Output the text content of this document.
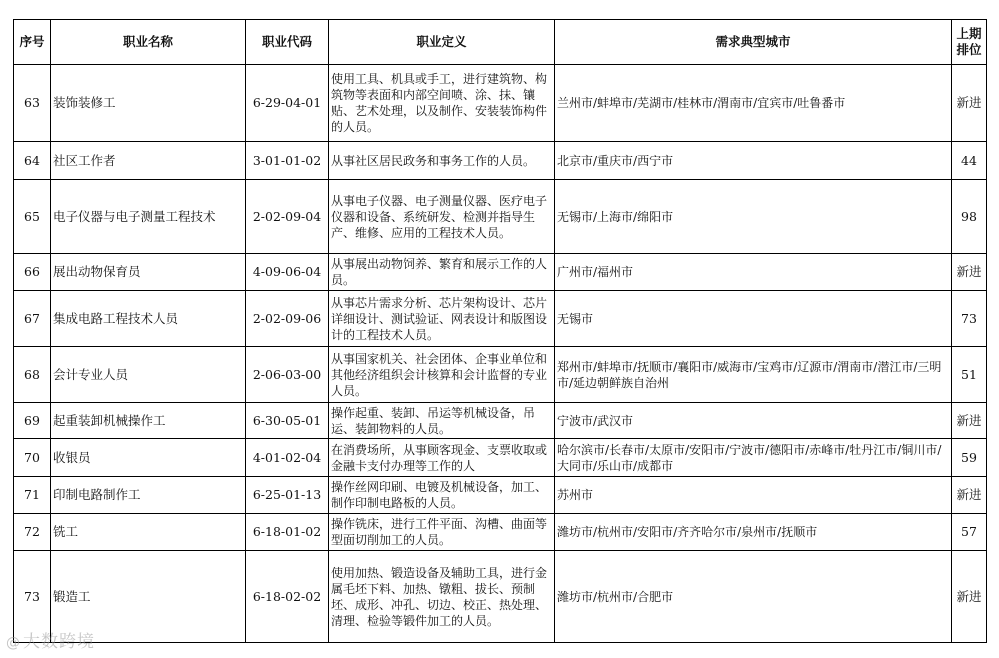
序号	职业名称	职业代码	职业定义	需求典型城市	上期
排位
63	装饰装修工	6-29-04-01	使用工具、机具或手工，进行建筑物、构筑物等表面和内部空间喷、涂、抹、镶贴、艺术处理，以及制作、安装装饰构件的人员。	兰州市/蚌埠市/芜湖市/桂林市/渭南市/宜宾市/吐鲁番市	新进
64	社区工作者	3-01-01-02	从事社区居民政务和事务工作的人员。	北京市/重庆市/西宁市	44
65	电子仪器与电子测量工程技术	2-02-09-04	从事电子仪器、电子测量仪器、医疗电子仪器和设备、系统研发、检测并指导生产、维修、应用的工程技术人员。	无锡市/上海市/绵阳市	98
66	展出动物保育员	4-09-06-04	从事展出动物饲养、繁育和展示工作的人员。	广州市/福州市	新进
67	集成电路工程技术人员	2-02-09-06	从事芯片需求分析、芯片架构设计、芯片详细设计、测试验证、网表设计和版图设计的工程技术人员。	无锡市	73
68	会计专业人员	2-06-03-00	从事国家机关、社会团体、企事业单位和其他经济组织会计核算和会计监督的专业人员。	郑州市/蚌埠市/抚顺市/襄阳市/威海市/宝鸡市/辽源市/渭南市/潜江市/三明市/延边朝鲜族自治州	51
69	起重装卸机械操作工	6-30-05-01	操作起重、装卸、吊运等机械设备，吊运、装卸物料的人员。	宁波市/武汉市	新进
70	收银员	4-01-02-04	在消费场所，从事顾客现金、支票收取或金融卡支付办理等工作的人	哈尔滨市/长春市/太原市/安阳市/宁波市/德阳市/赤峰市/牡丹江市/铜川市/大同市/乐山市/成都市	59
71	印制电路制作工	6-25-01-13	操作丝网印刷、电镀及机械设备，加工、制作印制电路板的人员。	苏州市	新进
72	铣工	6-18-01-02	操作铣床，进行工件平面、沟槽、曲面等型面切削加工的人员。	潍坊市/杭州市/安阳市/齐齐哈尔市/泉州市/抚顺市	57
73	锻造工	6-18-02-02	使用加热、锻造设备及辅助工具，进行金属毛坯下料、加热、镦粗、拔长、预制坯、成形、冲孔、切边、校正、热处理、清理、检验等锻件加工的人员。	潍坊市/杭州市/合肥市	新进
@ 大数跨境
